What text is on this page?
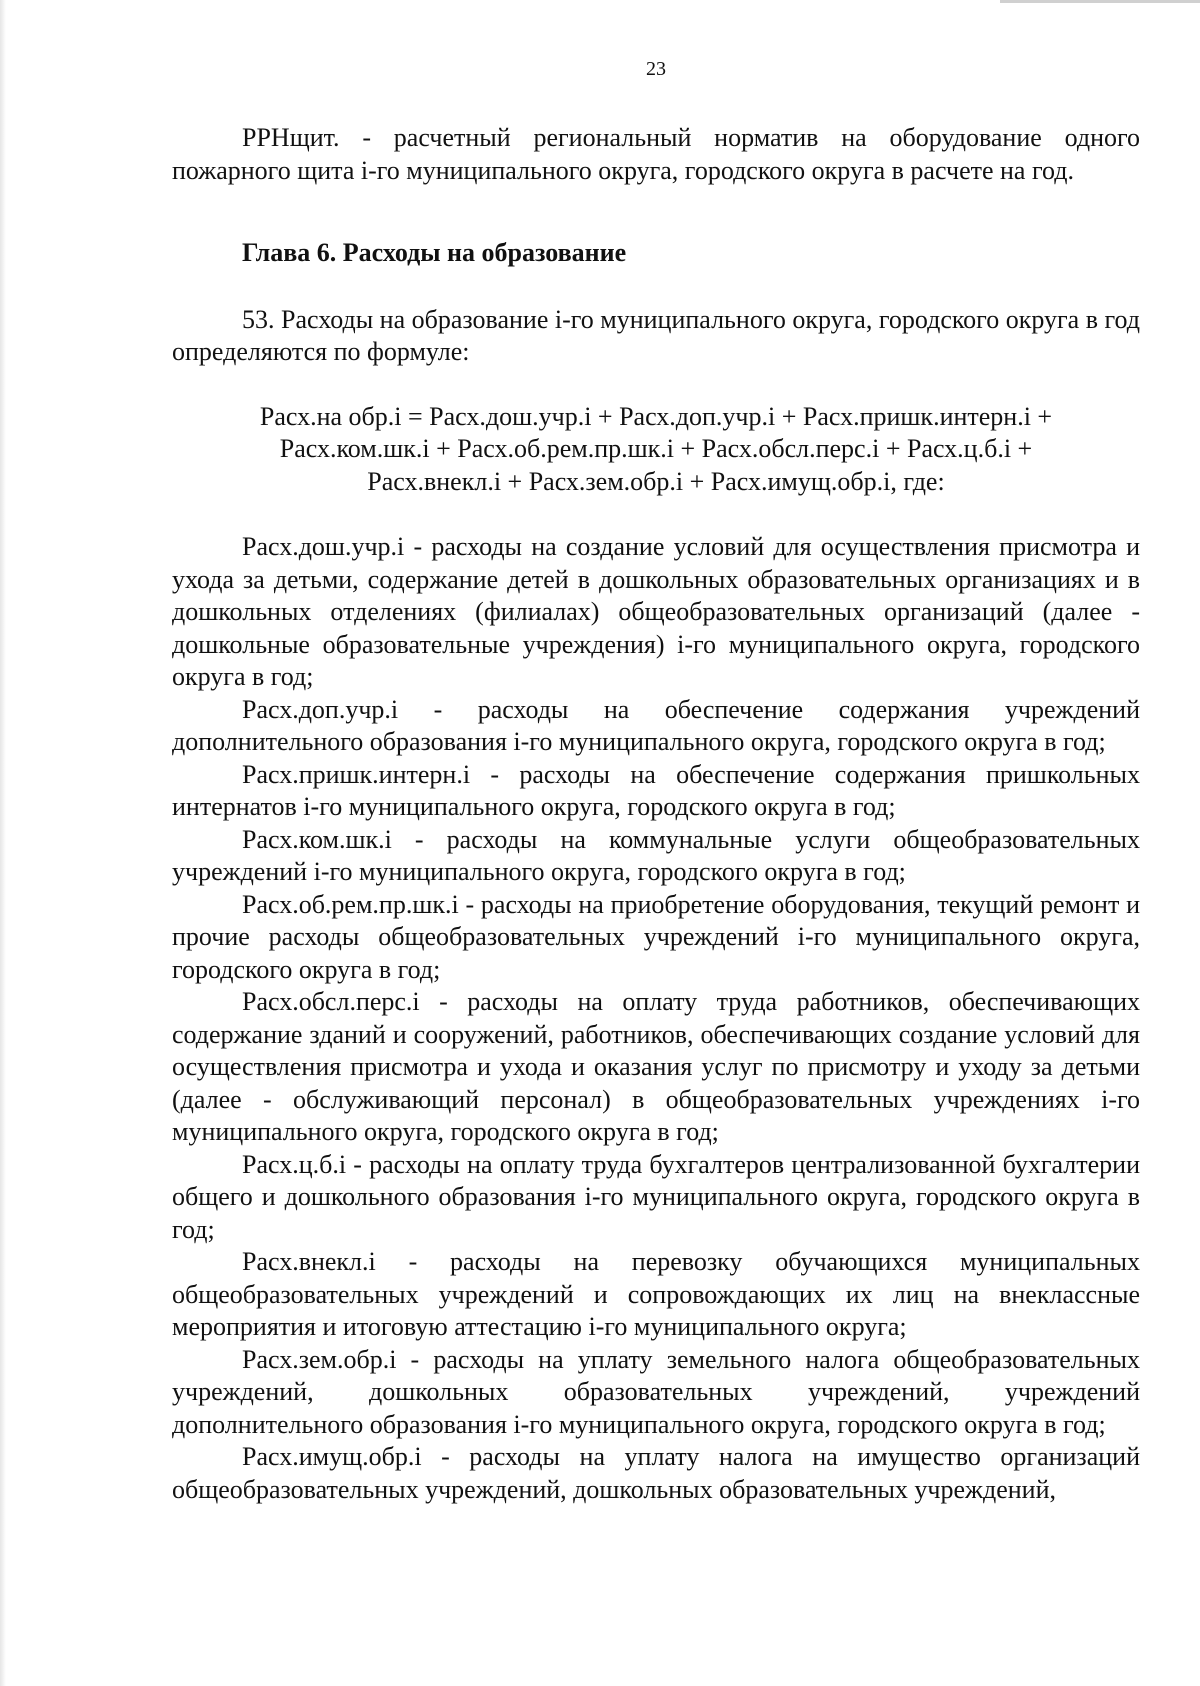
23

РРНщит. - расчетный региональный норматив на оборудование одного пожарного щита i-го муниципального округа, городского округа в расчете на год.

Глава 6. Расходы на образование

53. Расходы на образование i-го муниципального округа, городского округа в год определяются по формуле:

Расх.на обр.i = Расх.дош.учр.i + Расх.доп.учр.i + Расх.пришк.интерн.i +
Расх.ком.шк.i + Расх.об.рем.пр.шк.i + Расх.обсл.перс.i + Расх.ц.б.i +
Расх.внекл.i + Расх.зем.обр.i + Расх.имущ.обр.i, где:

Расх.дош.учр.i - расходы на создание условий для осуществления присмотра и ухода за детьми, содержание детей в дошкольных образовательных организациях и в дошкольных отделениях (филиалах) общеобразовательных организаций (далее - дошкольные образовательные учреждения) i-го муниципального округа, городского округа в год;

Расх.доп.учр.i - расходы на обеспечение содержания учреждений дополнительного образования i-го муниципального округа, городского округа в год;

Расх.пришк.интерн.i - расходы на обеспечение содержания пришкольных интернатов i-го муниципального округа, городского округа в год;

Расх.ком.шк.i - расходы на коммунальные услуги общеобразовательных учреждений i-го муниципального округа, городского округа в год;

Расх.об.рем.пр.шк.i - расходы на приобретение оборудования, текущий ремонт и прочие расходы общеобразовательных учреждений i-го муниципального округа, городского округа в год;

Расх.обсл.перс.i - расходы на оплату труда работников, обеспечивающих содержание зданий и сооружений, работников, обеспечивающих создание условий для осуществления присмотра и ухода и оказания услуг по присмотру и уходу за детьми (далее - обслуживающий персонал) в общеобразовательных учреждениях i-го муниципального округа, городского округа в год;

Расх.ц.б.i - расходы на оплату труда бухгалтеров централизованной бухгалтерии общего и дошкольного образования i-го муниципального округа, городского округа в год;

Расх.внекл.i - расходы на перевозку обучающихся муниципальных общеобразовательных учреждений и сопровождающих их лиц на внеклассные мероприятия и итоговую аттестацию i-го муниципального округа;

Расх.зем.обр.i - расходы на уплату земельного налога общеобразовательных учреждений, дошкольных образовательных учреждений, учреждений дополнительного образования i-го муниципального округа, городского округа в год;

Расх.имущ.обр.i - расходы на уплату налога на имущество организаций общеобразовательных учреждений, дошкольных образовательных учреждений,
